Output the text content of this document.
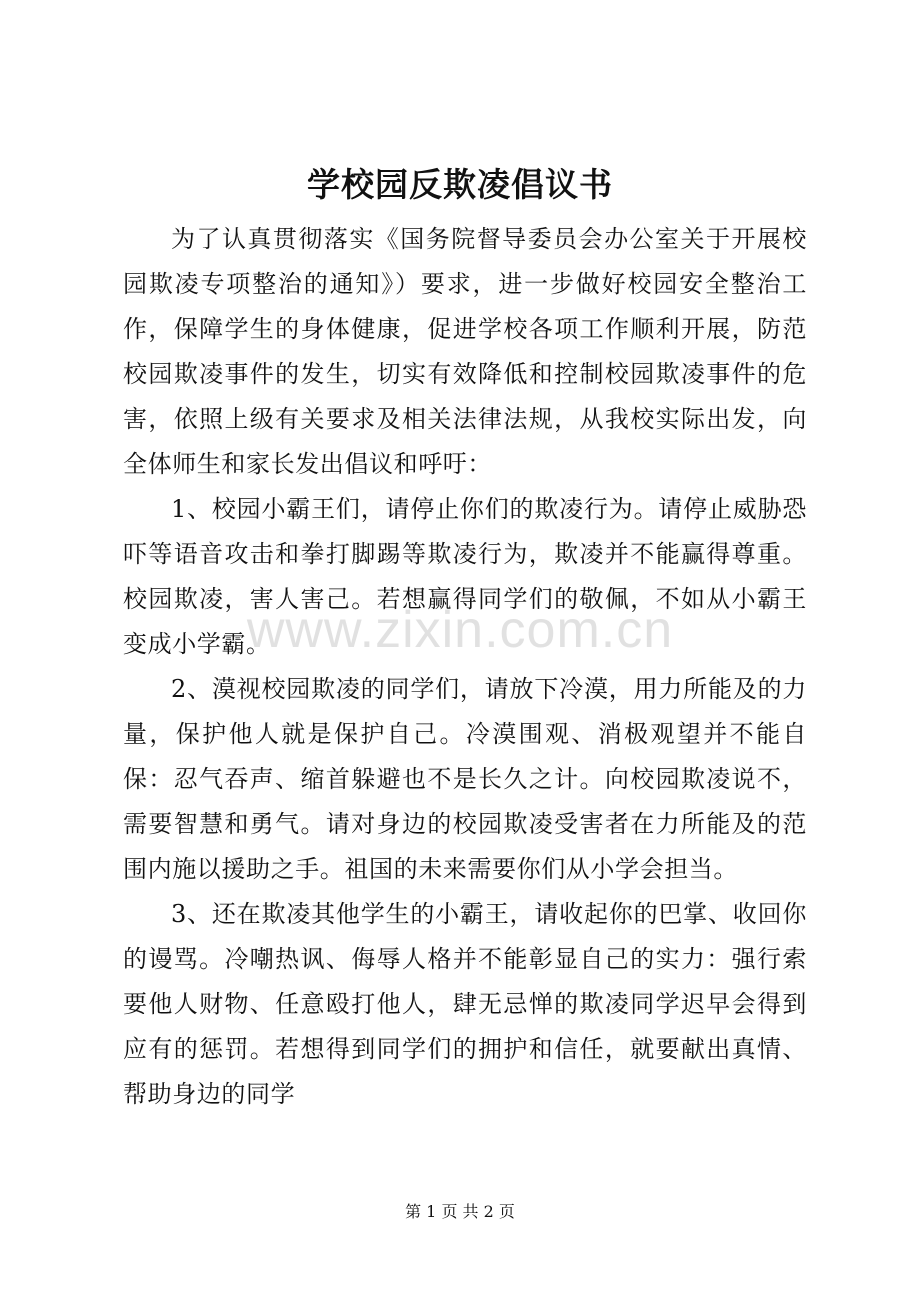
学校园反欺凌倡议书

为了认真贯彻落实《国务院督导委员会办公室关于开展校园欺凌专项整治的通知》）要求，进一步做好校园安全整治工作，保障学生的身体健康，促进学校各项工作顺利开展，防范校园欺凌事件的发生，切实有效降低和控制校园欺凌事件的危害，依照上级有关要求及相关法律法规，从我校实际出发，向全体师生和家长发出倡议和呼吁：

1、校园小霸王们，请停止你们的欺凌行为。请停止威胁恐吓等语音攻击和拳打脚踢等欺凌行为，欺凌并不能赢得尊重。校园欺凌，害人害己。若想赢得同学们的敬佩，不如从小霸王变成小学霸。

2、漠视校园欺凌的同学们，请放下冷漠，用力所能及的力量，保护他人就是保护自己。冷漠围观、消极观望并不能自保：忍气吞声、缩首躲避也不是长久之计。向校园欺凌说不，需要智慧和勇气。请对身边的校园欺凌受害者在力所能及的范围内施以援助之手。祖国的未来需要你们从小学会担当。

3、还在欺凌其他学生的小霸王，请收起你的巴掌、收回你的谩骂。冷嘲热讽、侮辱人格并不能彰显自己的实力：强行索要他人财物、任意殴打他人，肆无忌惮的欺凌同学迟早会得到应有的惩罚。若想得到同学们的拥护和信任，就要献出真情、帮助身边的同学

www.zixin.com.cn
第 1 页 共 2 页
